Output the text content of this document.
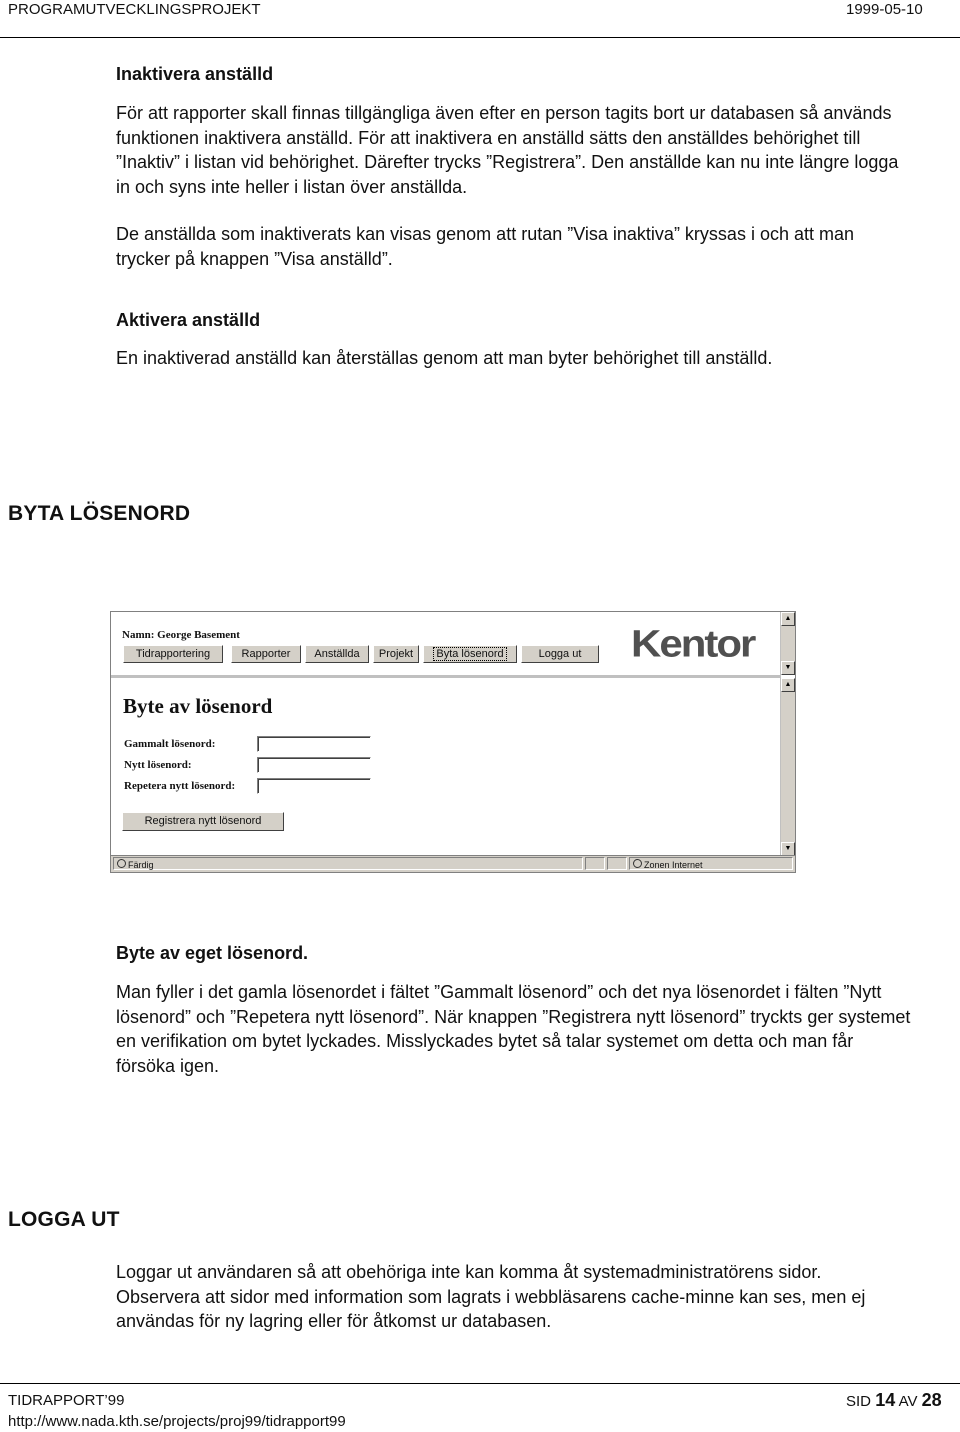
PROGRAMUTVECKLINGSPROJEKT	1999-05-10
Inaktivera anställd
För att rapporter skall finnas tillgängliga även efter en person tagits bort ur databasen så används
funktionen inaktivera anställd. För att inaktivera en anställd sätts den anställdes behörighet till
”Inaktiv” i listan vid behörighet. Därefter trycks ”Registrera”. Den anställde kan nu inte längre logga
in och syns inte heller i listan över anställda.
De anställda som inaktiverats kan visas genom att rutan ”Visa inaktiva” kryssas i och att man
trycker på knappen ”Visa anställd”.
Aktivera anställd
En inaktiverad anställd kan återställas genom att man byter behörighet till anställd.
BYTA LÖSENORD
Namn: George Basement
Tidrapportering	Rapporter	Anställda	Projekt	Byta lösenord	Logga ut	Kentor
▲
▼
Byte av lösenord
Gammalt lösenord:
Nytt lösenord:
Repetera nytt lösenord:
Registrera nytt lösenord
▲
▼
Färdig	Zonen Internet
Byte av eget lösenord.
Man fyller i det gamla lösenordet i fältet ”Gammalt lösenord” och det nya lösenordet i fälten ”Nytt
lösenord” och ”Repetera nytt lösenord”. När knappen ”Registrera nytt lösenord” tryckts ger systemet
en verifikation om bytet lyckades. Misslyckades bytet så talar systemet om detta och man får
försöka igen.
LOGGA UT
Loggar ut användaren så att obehöriga inte kan komma åt systemadministratörens sidor.
Observera att sidor med information som lagrats i webbläsarens cache-minne kan ses, men ej
användas för ny lagring eller för åtkomst ur databasen.
TIDRAPPORT’99	SID 14 AV 28
http://www.nada.kth.se/projects/proj99/tidrapport99
